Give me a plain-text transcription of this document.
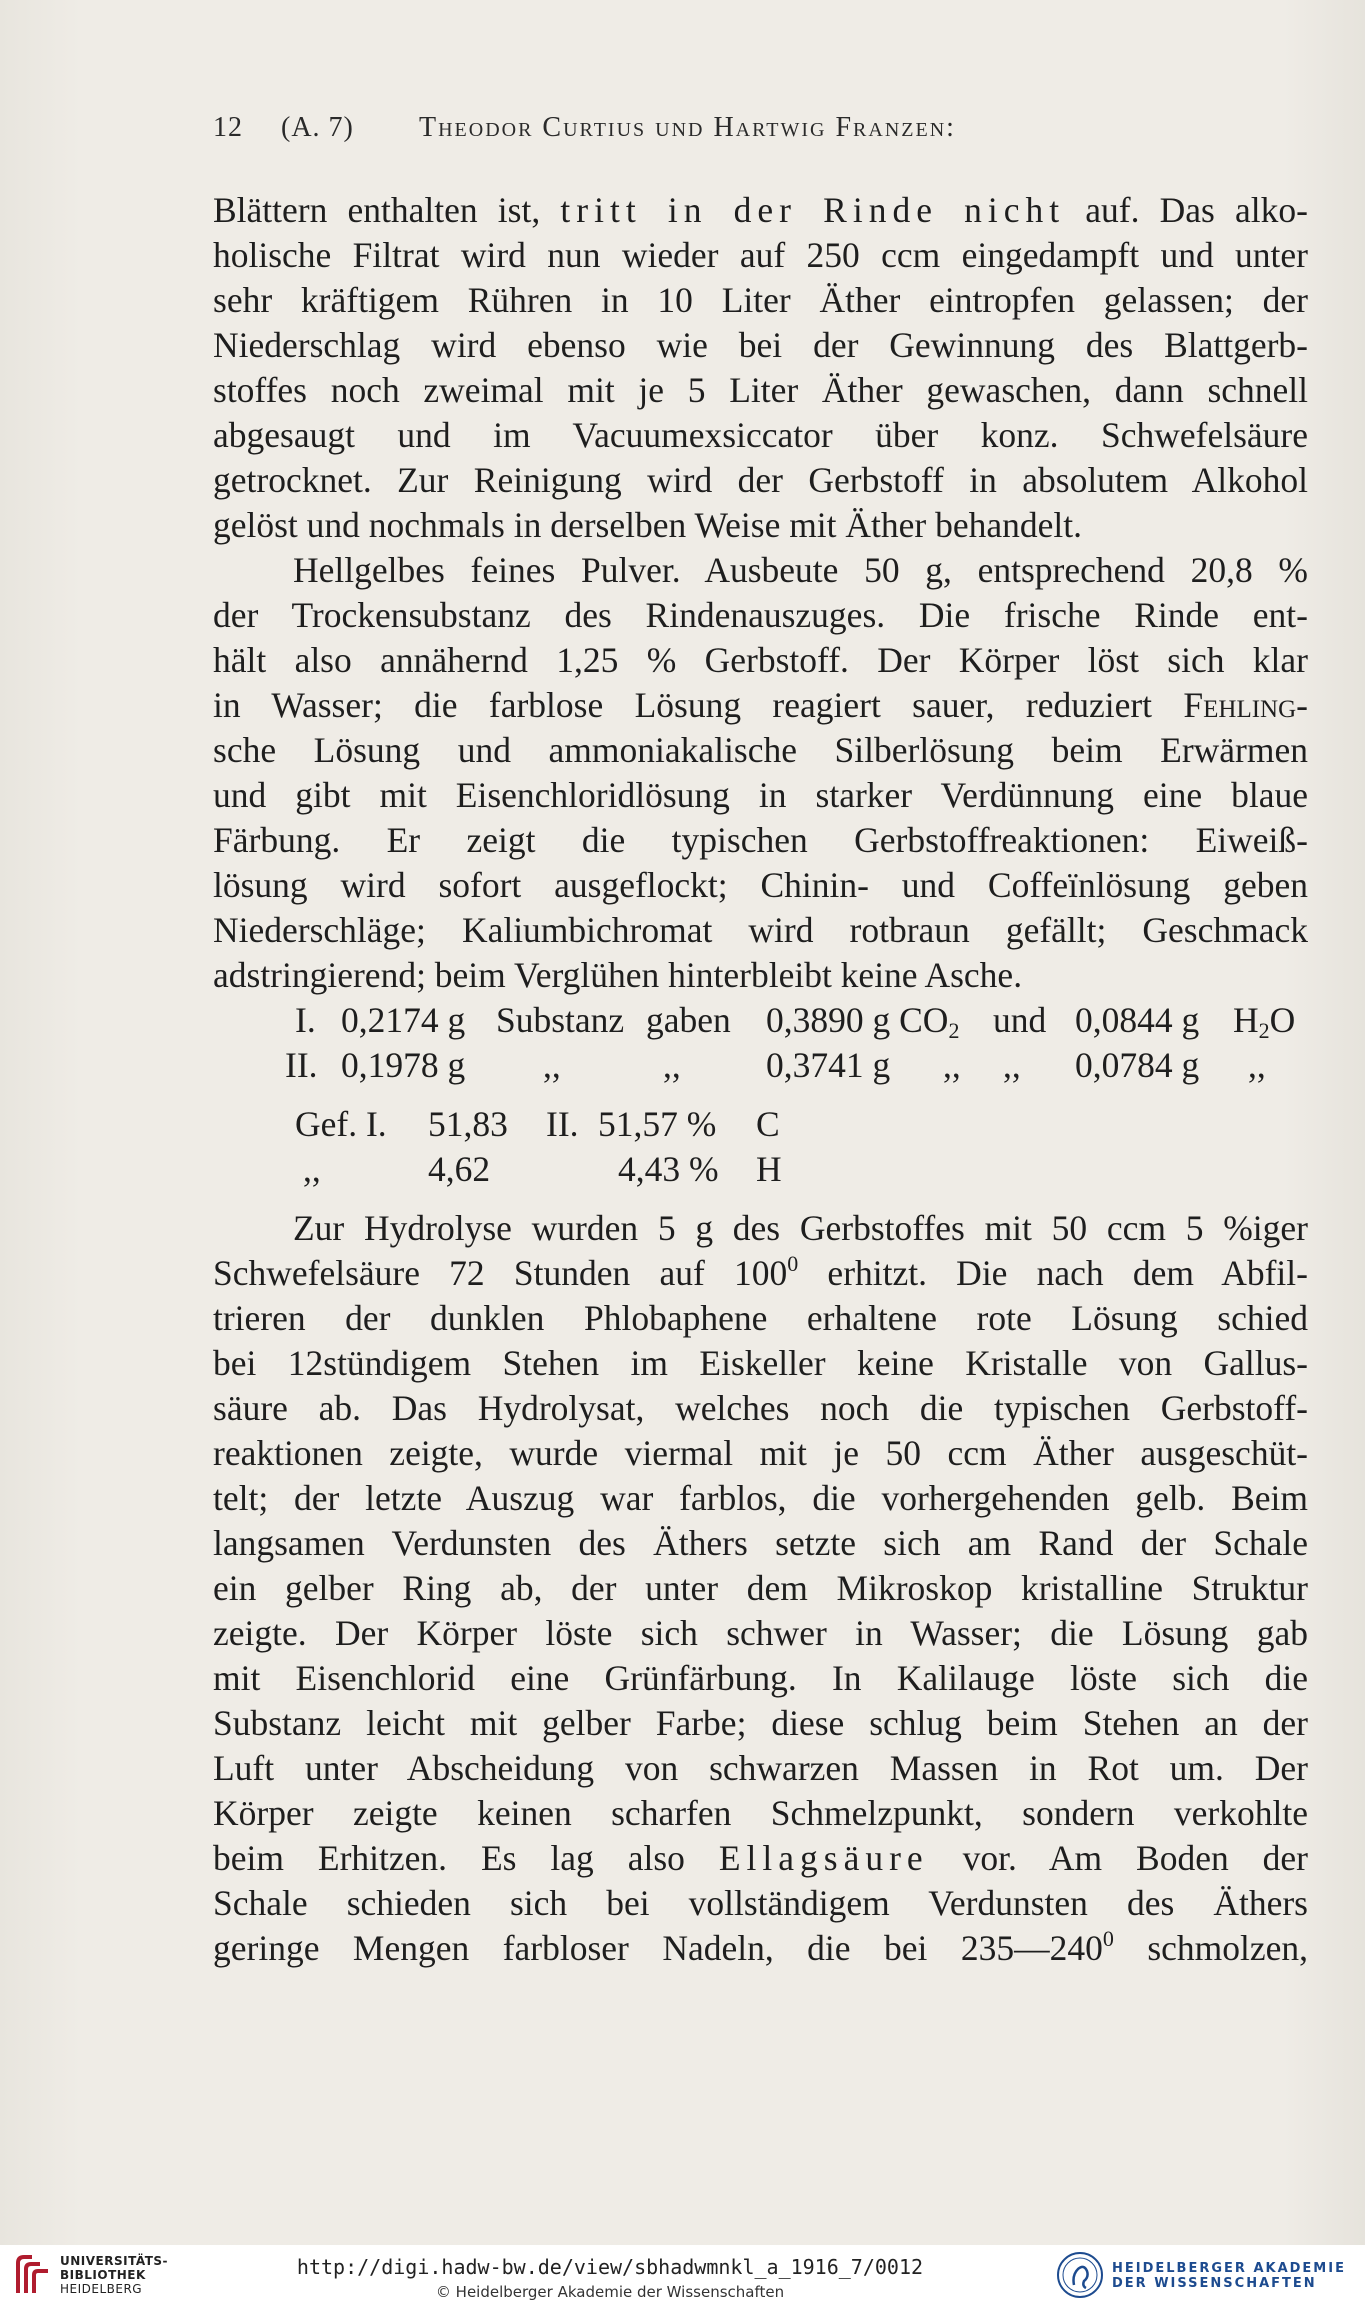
12 (A. 7) Theodor Curtius und Hartwig Franzen:
Blättern enthalten ist, tritt in der Rinde nicht auf. Das alko-
holische Filtrat wird nun wieder auf 250 ccm eingedampft und unter
sehr kräftigem Rühren in 10 Liter Äther eintropfen gelassen; der
Niederschlag wird ebenso wie bei der Gewinnung des Blattgerb-
stoffes noch zweimal mit je 5 Liter Äther gewaschen, dann schnell
abgesaugt und im Vacuumexsiccator über konz. Schwefelsäure
getrocknet. Zur Reinigung wird der Gerbstoff in absolutem Alkohol
gelöst und nochmals in derselben Weise mit Äther behandelt.
Hellgelbes feines Pulver. Ausbeute 50 g, entsprechend 20,8 %
der Trockensubstanz des Rindenauszuges. Die frische Rinde ent-
hält also annähernd 1,25 % Gerbstoff. Der Körper löst sich klar
in Wasser; die farblose Lösung reagiert sauer, reduziert Fehling-
sche Lösung und ammoniakalische Silberlösung beim Erwärmen
und gibt mit Eisenchloridlösung in starker Verdünnung eine blaue
Färbung. Er zeigt die typischen Gerbstoffreaktionen: Eiweiß-
lösung wird sofort ausgeflockt; Chinin- und Coffeïnlösung geben
Niederschläge; Kaliumbichromat wird rotbraun gefällt; Geschmack
adstringierend; beim Verglühen hinterbleibt keine Asche.
I. 0,2174 g Substanz gaben 0,3890 g $CO_2$ und 0,0844 g $H_2O$
II. 0,1978 g ,,	,, 0,3741 g ,, ,, 0,0784 g ,,
Gef. I. 51,83 II. 51,57 % C
,,	4,62	4,43 % H
Zur Hydrolyse wurden 5 g des Gerbstoffes mit 50 ccm 5 %iger
Schwefelsäure 72 Stunden auf $100^0$ erhitzt. Die nach dem Abfil-
trieren der dunklen Phlobaphene erhaltene rote Lösung schied
bei 12stündigem Stehen im Eiskeller keine Kristalle von Gallus-
säure ab. Das Hydrolysat, welches noch die typischen Gerbstoff-
reaktionen zeigte, wurde viermal mit je 50 ccm Äther ausgeschüt-
telt; der letzte Auszug war farblos, die vorhergehenden gelb. Beim
langsamen Verdunsten des Äthers setzte sich am Rand der Schale
ein gelber Ring ab, der unter dem Mikroskop kristalline Struktur
zeigte. Der Körper löste sich schwer in Wasser; die Lösung gab
mit Eisenchlorid eine Grünfärbung. In Kalilauge löste sich die
Substanz leicht mit gelber Farbe; diese schlug beim Stehen an der
Luft unter Abscheidung von schwarzen Massen in Rot um. Der
Körper zeigte keinen scharfen Schmelzpunkt, sondern verkohlte
beim Erhitzen. Es lag also Ellagsäure vor. Am Boden der
Schale schieden sich bei vollständigem Verdunsten des Äthers
geringe Mengen farbloser Nadeln, die bei $235—240^0$ schmolzen,
UNIVERSITÄTS-
BIBLIOTHEK
HEIDELBERG
http://digi.hadw-bw.de/view/sbhadwmnkl_a_1916_7/0012
© Heidelberger Akademie der Wissenschaften
HEIDELBERGER AKADEMIE
DER WISSENSCHAFTEN
